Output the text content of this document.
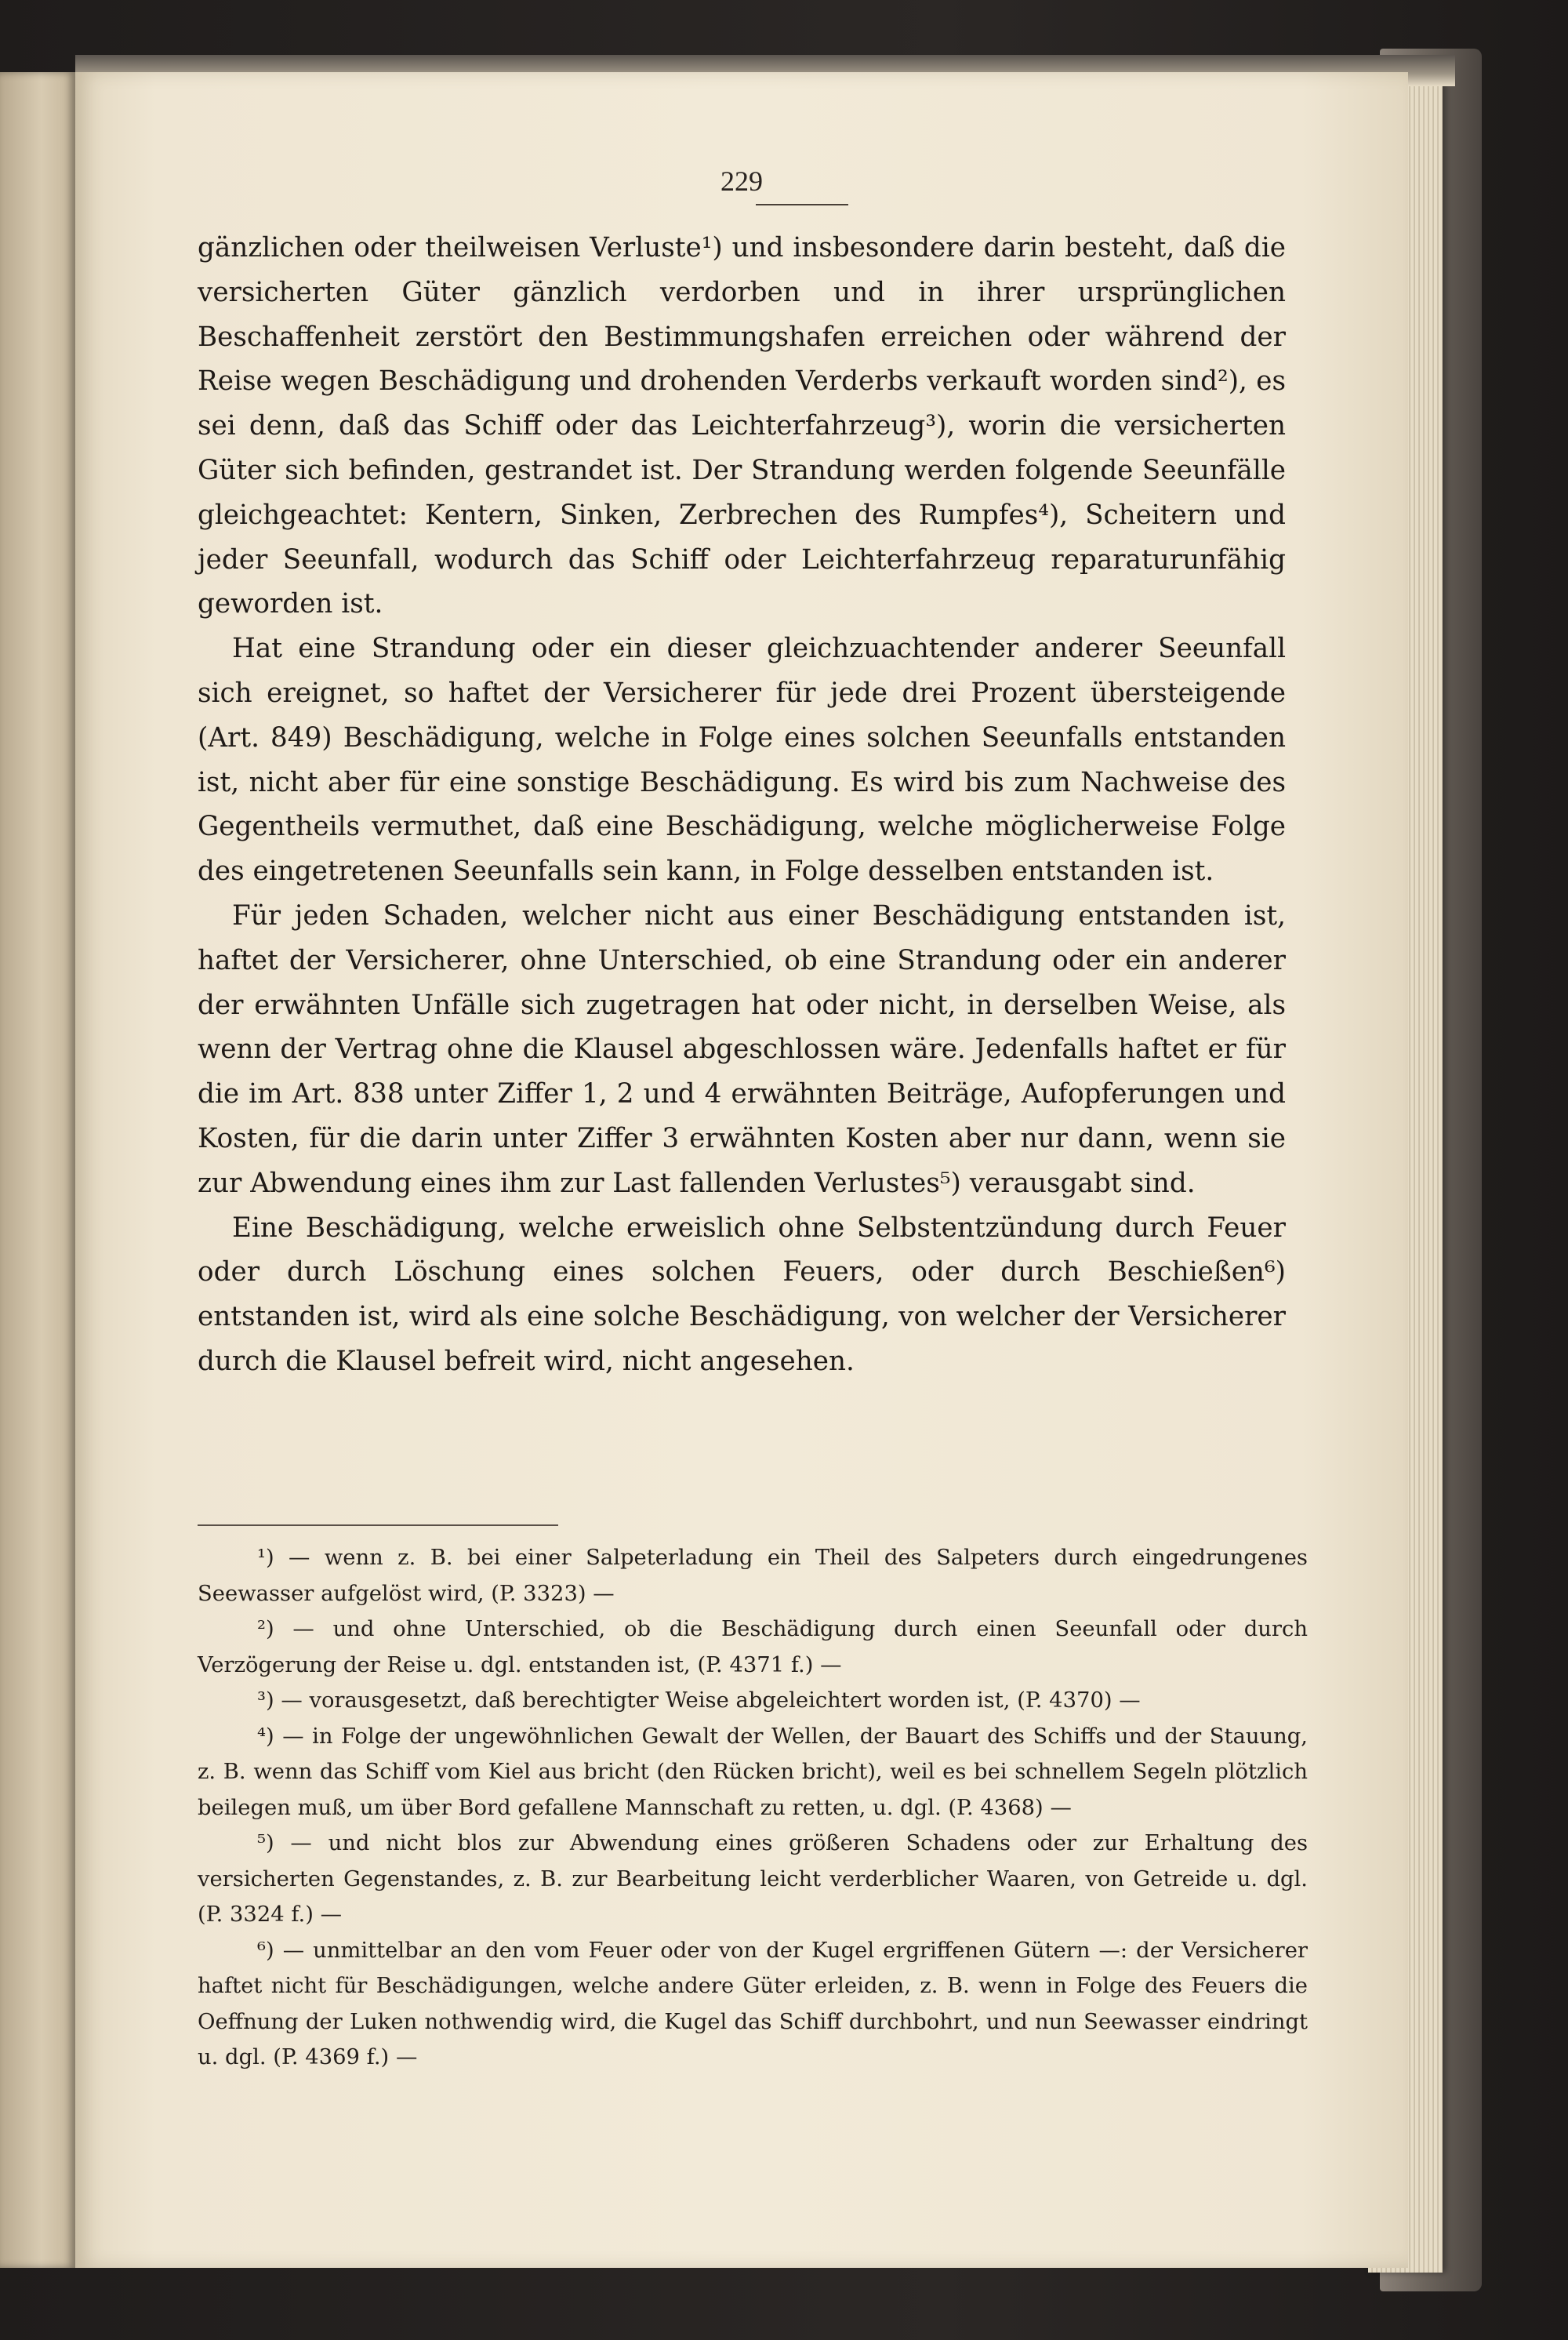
229

gänzlichen oder theilweisen Verluste¹) und insbesondere darin besteht, daß die versicherten Güter gänzlich verdorben und in ihrer ursprünglichen Beschaffenheit zerstört den Bestimmungshafen erreichen oder während der Reise wegen Beschädigung und drohenden Verderbs verkauft worden sind²), es sei denn, daß das Schiff oder das Leichterfahrzeug³), worin die versicherten Güter sich befinden, gestrandet ist. Der Strandung werden folgende Seeunfälle gleichgeachtet: Kentern, Sinken, Zerbrechen des Rumpfes⁴), Scheitern und jeder Seeunfall, wodurch das Schiff oder Leichterfahrzeug reparaturunfähig geworden ist.

Hat eine Strandung oder ein dieser gleichzuachtender anderer Seeunfall sich ereignet, so haftet der Versicherer für jede drei Prozent übersteigende (Art. 849) Beschädigung, welche in Folge eines solchen Seeunfalls entstanden ist, nicht aber für eine sonstige Beschädigung. Es wird bis zum Nachweise des Gegentheils vermuthet, daß eine Beschädigung, welche möglicherweise Folge des eingetretenen Seeunfalls sein kann, in Folge desselben entstanden ist.

Für jeden Schaden, welcher nicht aus einer Beschädigung entstanden ist, haftet der Versicherer, ohne Unterschied, ob eine Strandung oder ein anderer der erwähnten Unfälle sich zugetragen hat oder nicht, in derselben Weise, als wenn der Vertrag ohne die Klausel abgeschlossen wäre. Jedenfalls haftet er für die im Art. 838 unter Ziffer 1, 2 und 4 erwähnten Beiträge, Aufopferungen und Kosten, für die darin unter Ziffer 3 erwähnten Kosten aber nur dann, wenn sie zur Abwendung eines ihm zur Last fallenden Verlustes⁵) verausgabt sind.

Eine Beschädigung, welche erweislich ohne Selbstentzündung durch Feuer oder durch Löschung eines solchen Feuers, oder durch Beschießen⁶) entstanden ist, wird als eine solche Beschädigung, von welcher der Versicherer durch die Klausel befreit wird, nicht angesehen.

¹) — wenn z. B. bei einer Salpeterladung ein Theil des Salpeters durch eingedrungenes Seewasser aufgelöst wird, (P. 3323) —

²) — und ohne Unterschied, ob die Beschädigung durch einen Seeunfall oder durch Verzögerung der Reise u. dgl. entstanden ist, (P. 4371 f.) —

³) — vorausgesetzt, daß berechtigter Weise abgeleichtert worden ist, (P. 4370) —

⁴) — in Folge der ungewöhnlichen Gewalt der Wellen, der Bauart des Schiffs und der Stauung, z. B. wenn das Schiff vom Kiel aus bricht (den Rücken bricht), weil es bei schnellem Segeln plötzlich beilegen muß, um über Bord gefallene Mannschaft zu retten, u. dgl. (P. 4368) —

⁵) — und nicht blos zur Abwendung eines größeren Schadens oder zur Erhaltung des versicherten Gegenstandes, z. B. zur Bearbeitung leicht verderblicher Waaren, von Getreide u. dgl. (P. 3324 f.) —

⁶) — unmittelbar an den vom Feuer oder von der Kugel ergriffenen Gütern —: der Versicherer haftet nicht für Beschädigungen, welche andere Güter erleiden, z. B. wenn in Folge des Feuers die Oeffnung der Luken nothwendig wird, die Kugel das Schiff durchbohrt, und nun Seewasser eindringt u. dgl. (P. 4369 f.) —
